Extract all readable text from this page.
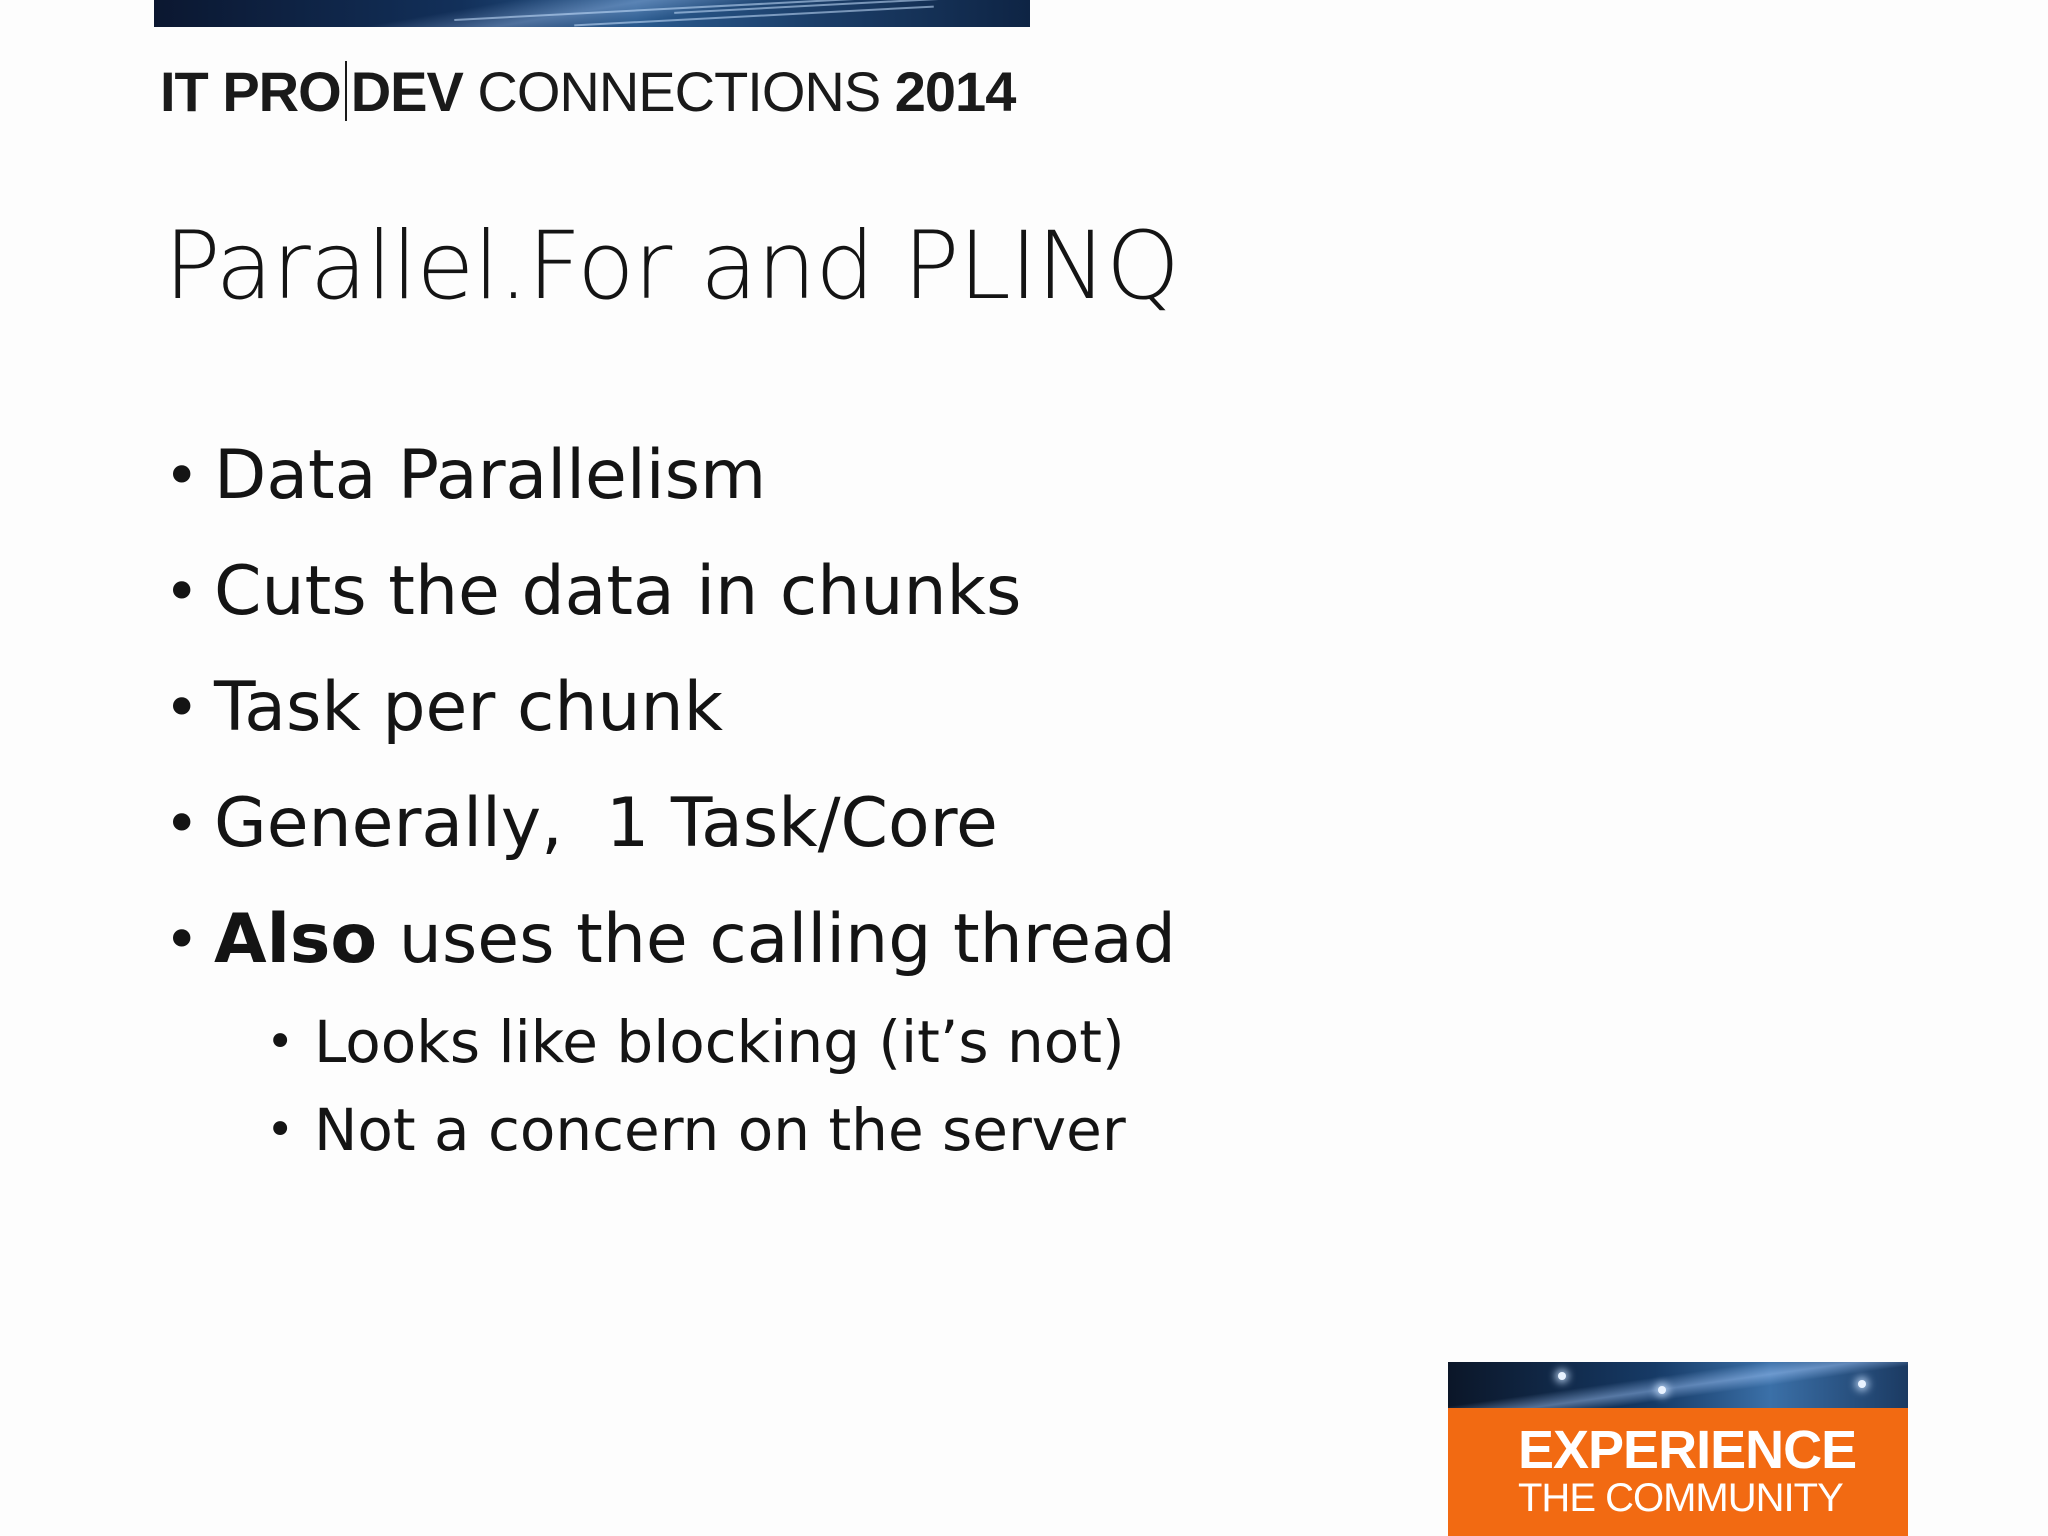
IT PRO DEV CONNECTIONS 2014
Parallel.For and PLINQ
• Data Parallelism
• Cuts the data in chunks
• Task per chunk
• Generally,  1 Task/Core
• Also uses the calling thread
• Looks like blocking (it’s not)
• Not a concern on the server
EXPERIENCE
THE COMMUNITY
